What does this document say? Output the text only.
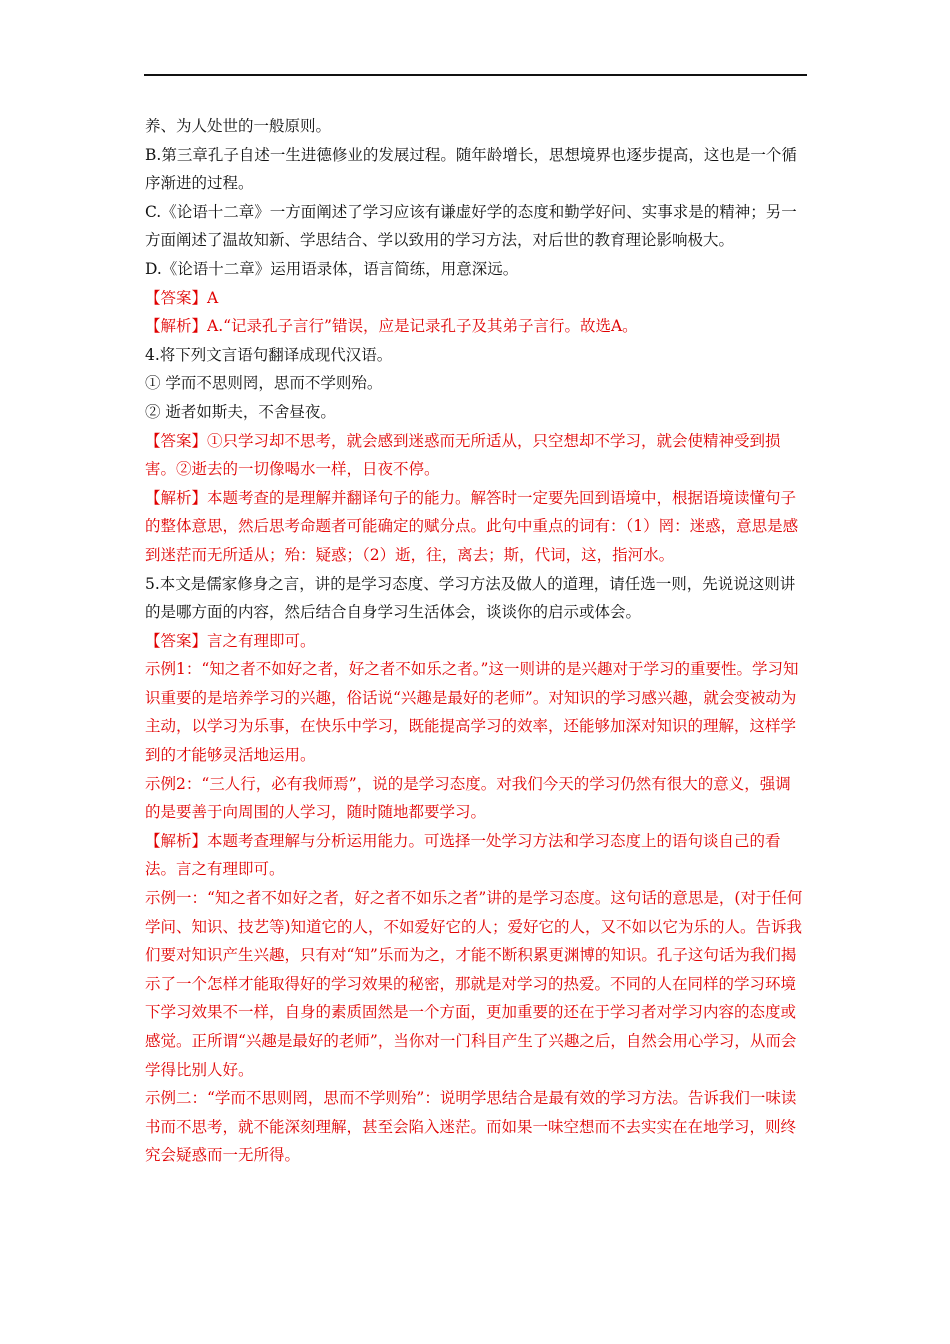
养、为人处世的一般原则。

B.第三章孔子自述一生进德修业的发展过程。随年龄增长，思想境界也逐步提高，这也是一个循序渐进的过程。

C.《论语十二章》一方面阐述了学习应该有谦虚好学的态度和勤学好问、实事求是的精神；另一方面阐述了温故知新、学思结合、学以致用的学习方法，对后世的教育理论影响极大。

D.《论语十二章》运用语录体，语言简练，用意深远。

【答案】A

【解析】A.“记录孔子言行”错误，应是记录孔子及其弟子言行。故选A。

4.将下列文言语句翻译成现代汉语。

① 学而不思则罔，思而不学则殆。

② 逝者如斯夫，不舍昼夜。

【答案】①只学习却不思考，就会感到迷惑而无所适从，只空想却不学习，就会使精神受到损害。②逝去的一切像喝水一样，日夜不停。

【解析】本题考查的是理解并翻译句子的能力。解答时一定要先回到语境中，根据语境读懂句子的整体意思，然后思考命题者可能确定的赋分点。此句中重点的词有：（1）罔：迷惑，意思是感到迷茫而无所适从；殆：疑惑；（2）逝，往，离去；斯，代词，这，指河水。

5.本文是儒家修身之言，讲的是学习态度、学习方法及做人的道理，请任选一则，先说说这则讲的是哪方面的内容，然后结合自身学习生活体会，谈谈你的启示或体会。

【答案】言之有理即可。

示例1：“知之者不如好之者，好之者不如乐之者。”这一则讲的是兴趣对于学习的重要性。学习知识重要的是培养学习的兴趣，俗话说“兴趣是最好的老师”。对知识的学习感兴趣，就会变被动为主动，以学习为乐事，在快乐中学习，既能提高学习的效率，还能够加深对知识的理解，这样学到的才能够灵活地运用。

示例2：“三人行，必有我师焉”，说的是学习态度。对我们今天的学习仍然有很大的意义，强调的是要善于向周围的人学习，随时随地都要学习。

【解析】本题考查理解与分析运用能力。可选择一处学习方法和学习态度上的语句谈自己的看法。言之有理即可。

示例一：“知之者不如好之者，好之者不如乐之者”讲的是学习态度。这句话的意思是，(对于任何学问、知识、技艺等)知道它的人，不如爱好它的人；爱好它的人，又不如以它为乐的人。告诉我们要对知识产生兴趣，只有对“知”乐而为之，才能不断积累更渊博的知识。孔子这句话为我们揭示了一个怎样才能取得好的学习效果的秘密，那就是对学习的热爱。不同的人在同样的学习环境下学习效果不一样，自身的素质固然是一个方面，更加重要的还在于学习者对学习内容的态度或感觉。正所谓“兴趣是最好的老师”，当你对一门科目产生了兴趣之后，自然会用心学习，从而会学得比别人好。

示例二：“学而不思则罔，思而不学则殆”：说明学思结合是最有效的学习方法。告诉我们一味读书而不思考，就不能深刻理解，甚至会陷入迷茫。而如果一味空想而不去实实在在地学习，则终究会疑惑而一无所得。
